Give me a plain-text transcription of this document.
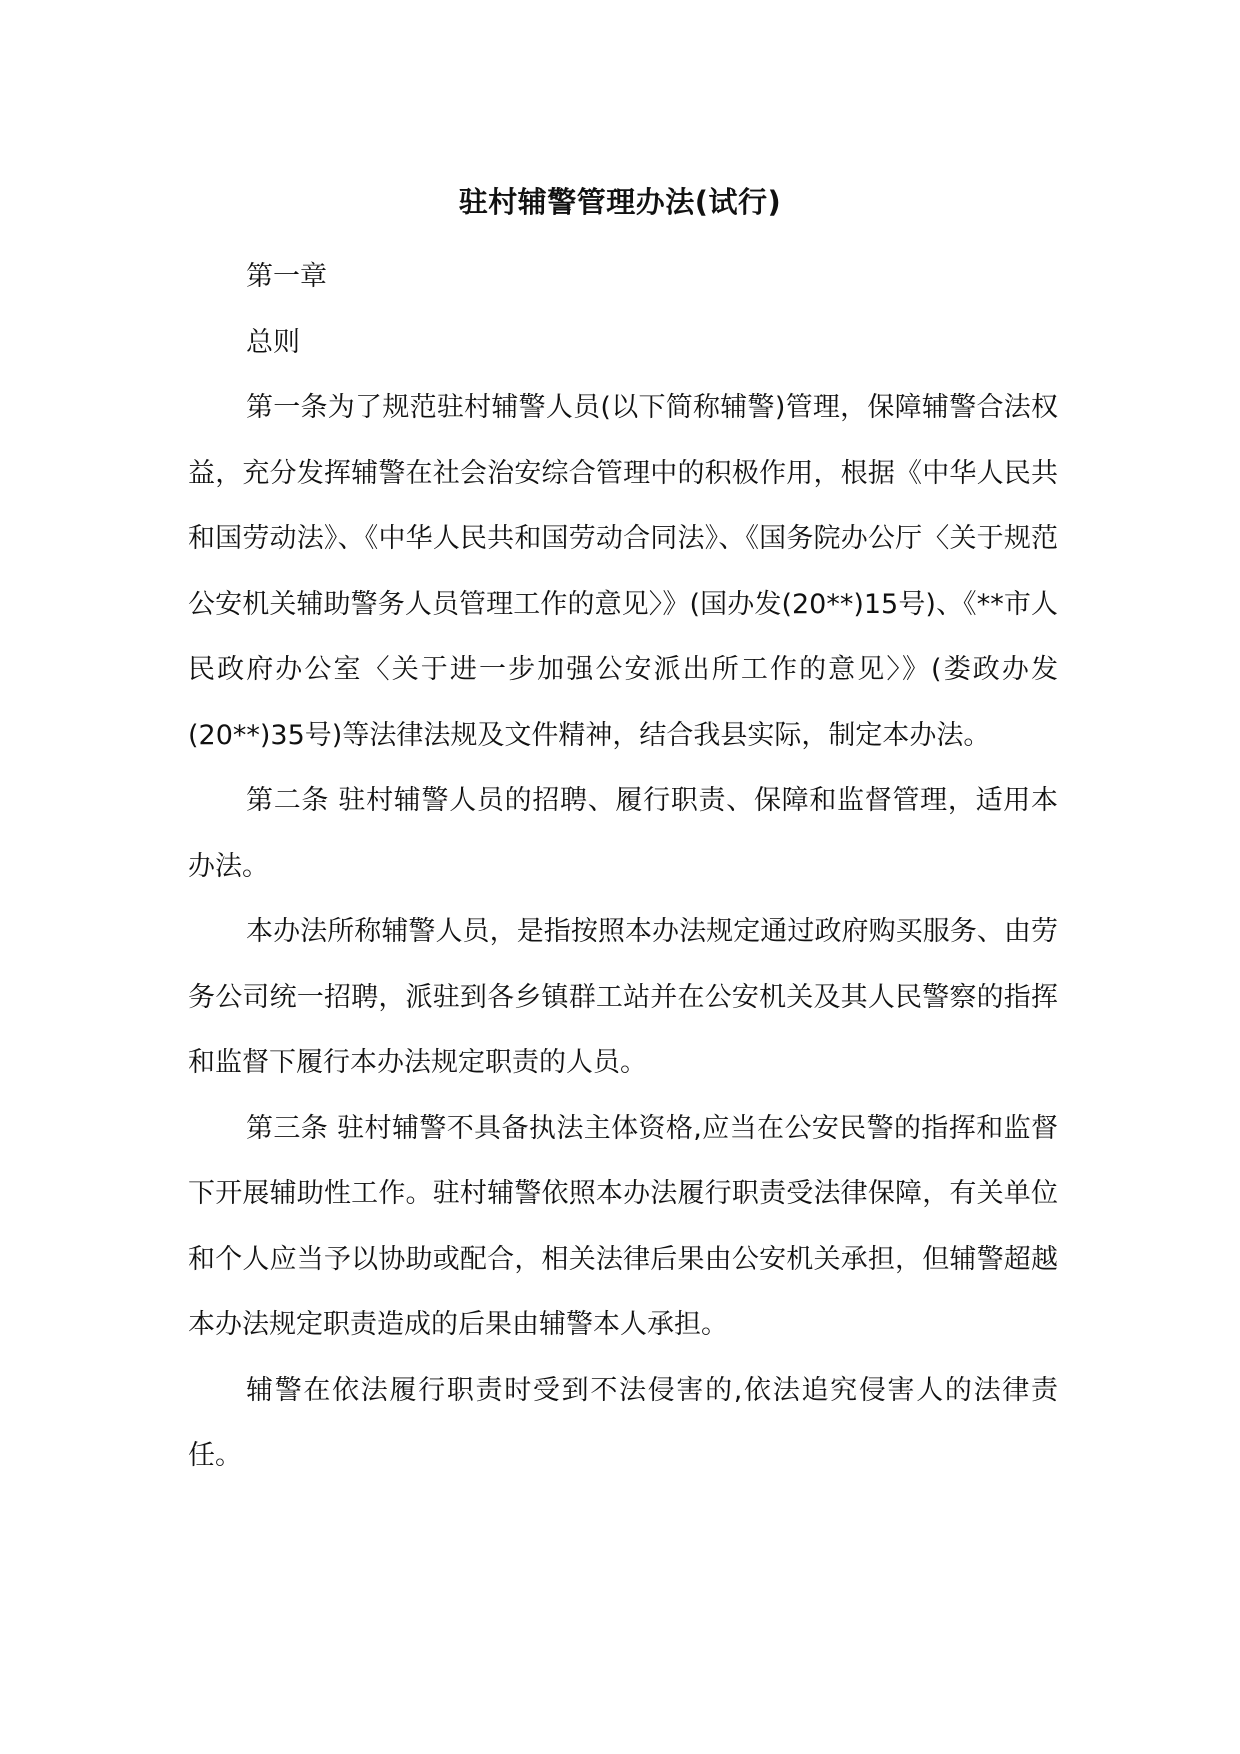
驻村辅警管理办法(试行)

第一章

总则

第一条为了规范驻村辅警人员(以下简称辅警)管理，保障辅警合法权益，充分发挥辅警在社会治安综合管理中的积极作用，根据《中华人民共和国劳动法》、《中华人民共和国劳动合同法》、《国务院办公厅〈关于规范公安机关辅助警务人员管理工作的意见〉》(国办发(20**)15号)、《**市人民政府办公室〈关于进一步加强公安派出所工作的意见〉》(娄政办发(20**)35号)等法律法规及文件精神，结合我县实际，制定本办法。

第二条 驻村辅警人员的招聘、履行职责、保障和监督管理，适用本办法。

本办法所称辅警人员，是指按照本办法规定通过政府购买服务、由劳务公司统一招聘，派驻到各乡镇群工站并在公安机关及其人民警察的指挥和监督下履行本办法规定职责的人员。

第三条 驻村辅警不具备执法主体资格,应当在公安民警的指挥和监督下开展辅助性工作。驻村辅警依照本办法履行职责受法律保障，有关单位和个人应当予以协助或配合，相关法律后果由公安机关承担，但辅警超越本办法规定职责造成的后果由辅警本人承担。

辅警在依法履行职责时受到不法侵害的,依法追究侵害人的法律责任。
